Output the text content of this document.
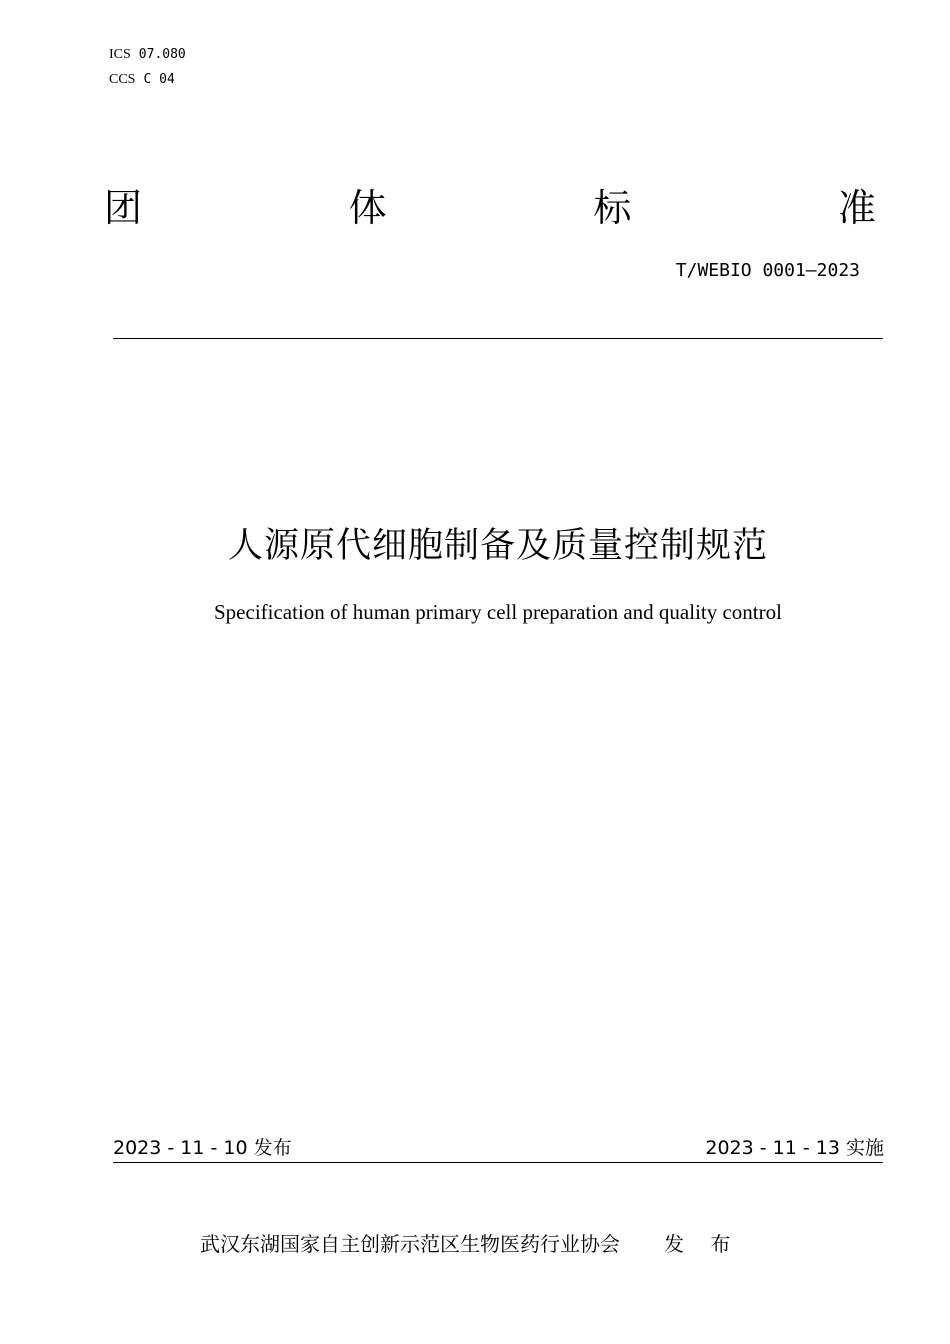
ICS 07.080
CCS C 04
团	体	标	准
T/WEBIO 0001—2023
人源原代细胞制备及质量控制规范
Specification of human primary cell preparation and quality control
2023 - 11 - 10 发布	2023 - 11 - 13 实施
武汉东湖国家自主创新示范区生物医药行业协会 发 布
